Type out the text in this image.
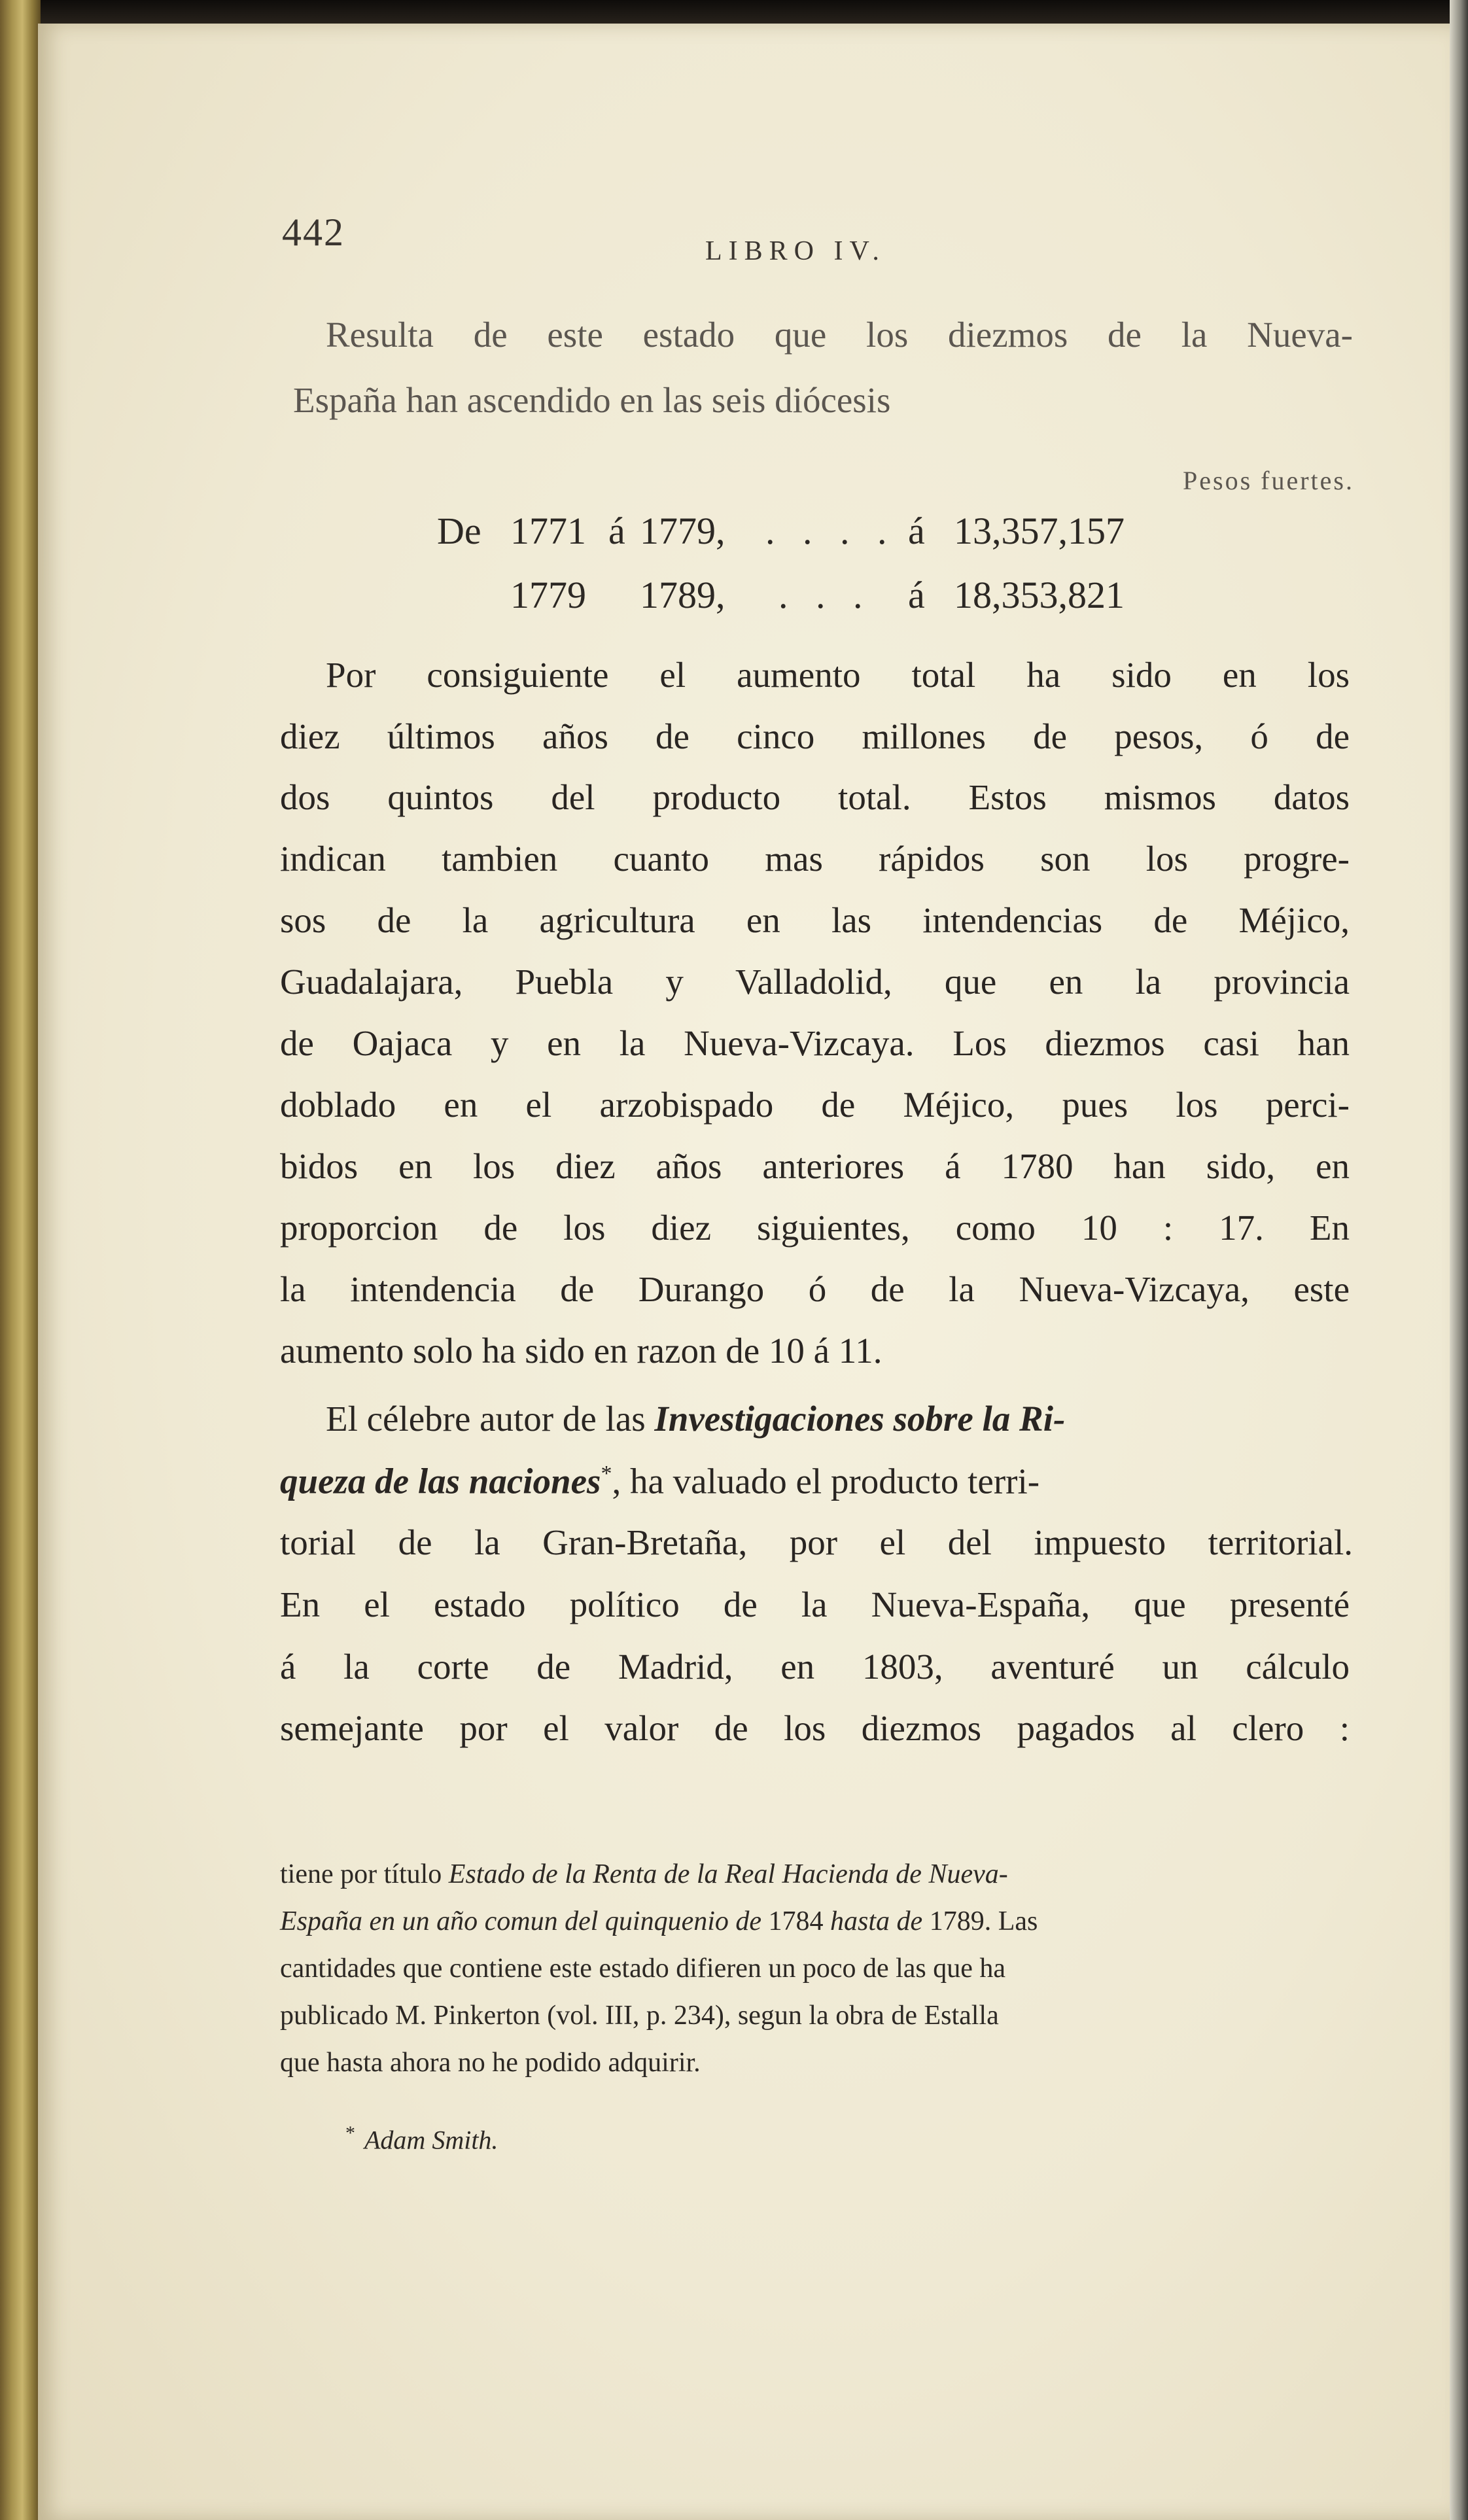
442	LIBRO IV.
Resulta de este estado que los diezmos de la Nueva-
España han ascendido en las seis diócesis
Pesos fuertes.
De 1771 á 1779, . . . . á 13,357,157
1779 1789, . . . á 18,353,821
Por consiguiente el aumento total ha sido en los
diez últimos años de cinco millones de pesos, ó de
dos quintos del producto total. Estos mismos datos
indican tambien cuanto mas rápidos son los progre-
sos de la agricultura en las intendencias de Méjico,
Guadalajara, Puebla y Valladolid, que en la provincia
de Oajaca y en la Nueva-Vizcaya. Los diezmos casi han
doblado en el arzobispado de Méjico, pues los perci-
bidos en los diez años anteriores á 1780 han sido, en
proporcion de los diez siguientes, como 10 : 17. En
la intendencia de Durango ó de la Nueva-Vizcaya, este
aumento solo ha sido en razon de 10 á 11.
El célebre autor de las Investigaciones sobre la Ri-
queza de las naciones*, ha valuado el producto terri-
torial de la Gran-Bretaña, por el del impuesto territorial.
En el estado político de la Nueva-España, que presenté
á la corte de Madrid, en 1803, aventuré un cálculo
semejante por el valor de los diezmos pagados al clero :
tiene por título Estado de la Renta de la Real Hacienda de Nueva-
España en un año comun del quinquenio de 1784 hasta de 1789. Las
cantidades que contiene este estado difieren un poco de las que ha
publicado M. Pinkerton (vol. III, p. 234), segun la obra de Estalla
que hasta ahora no he podido adquirir.
* Adam Smith.
